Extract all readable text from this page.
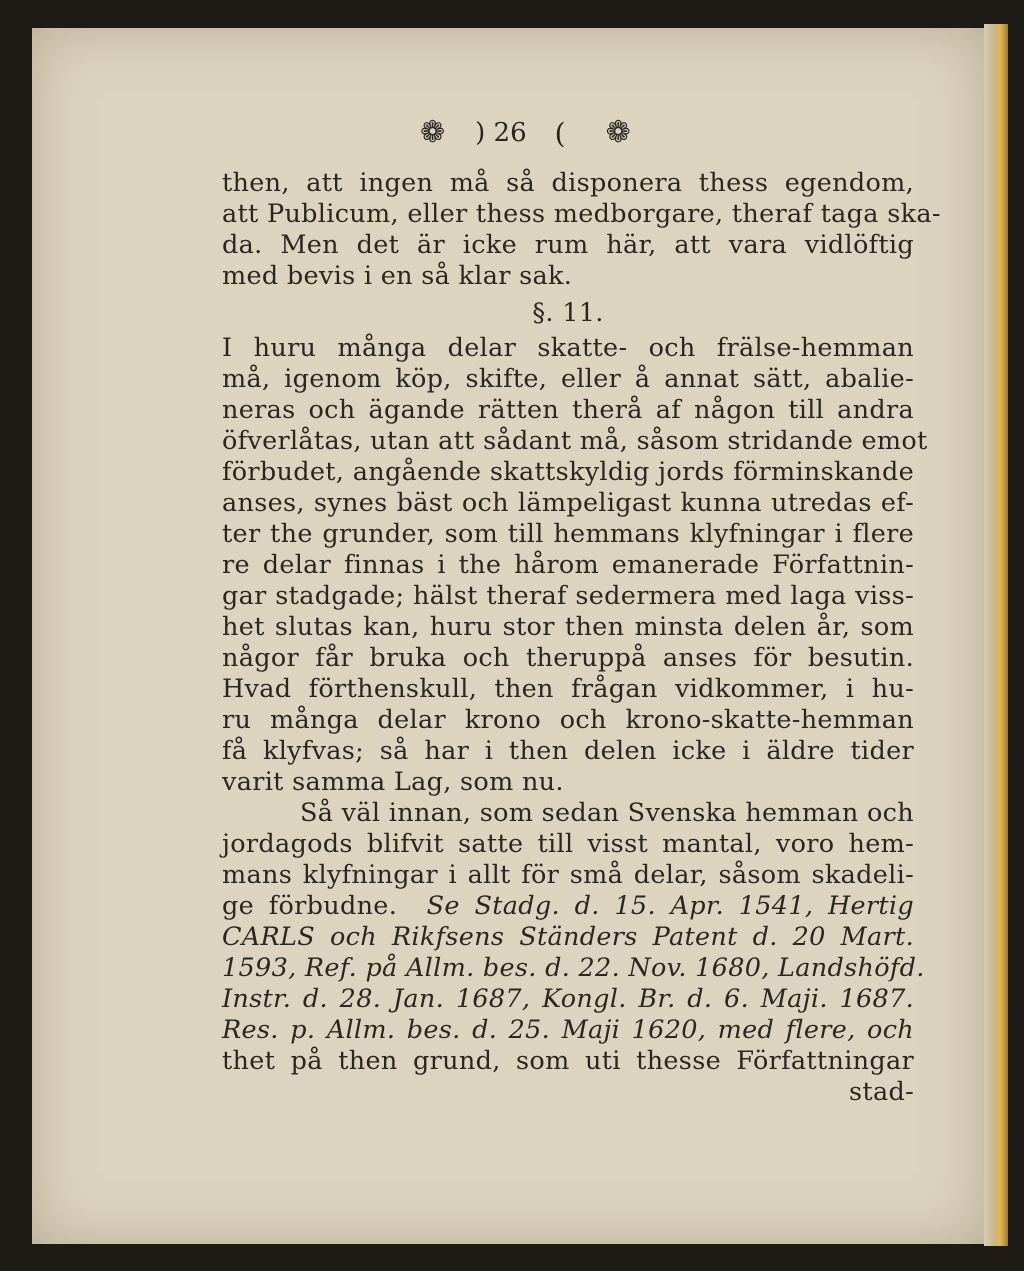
❁ ) 26 ( ❁
then, att ingen må så disponera thess egendom,
att Publicum, eller thess medborgare, theraf taga ska-
da. Men det är icke rum här, att vara vidlöftig
med bevis i en så klar sak.
§. 11.
I huru många delar skatte- och frälse-hemman
må, igenom köp, skifte, eller å annat sätt, abalie-
neras och ägande rätten therå af någon till andra
öfverlåtas, utan att sådant må, såsom stridande emot
förbudet, angående skattskyldig jords förminskande
anses, synes bäst och lämpeligast kunna utredas ef-
ter the grunder, som till hemmans klyfningar i flere
re delar finnas i the hårom emanerade Författnin-
gar stadgade; hälst theraf sedermera med laga viss-
het slutas kan, huru stor then minsta delen år, som
någor får bruka och theruppå anses för besutin.
Hvad förthenskull, then frågan vidkommer, i hu-
ru många delar krono och krono-skatte-hemman
få klyfvas; så har i then delen icke i äldre tider
varit samma Lag, som nu.
Så väl innan, som sedan Svenska hemman och
jordagods blifvit satte till visst mantal, voro hem-
mans klyfningar i allt för små delar, såsom skadeli-
ge förbudne. Se Stadg. d. 15. Apr. 1541, Hertig
CARLS och Rikfsens Ständers Patent d. 20 Mart.
1593, Ref. på Allm. bes. d. 22. Nov. 1680, Landshöfd.
Instr. d. 28. Jan. 1687, Kongl. Br. d. 6. Maji. 1687.
Res. p. Allm. bes. d. 25. Maji 1620, med flere, och
thet på then grund, som uti thesse Författningar
stad-
